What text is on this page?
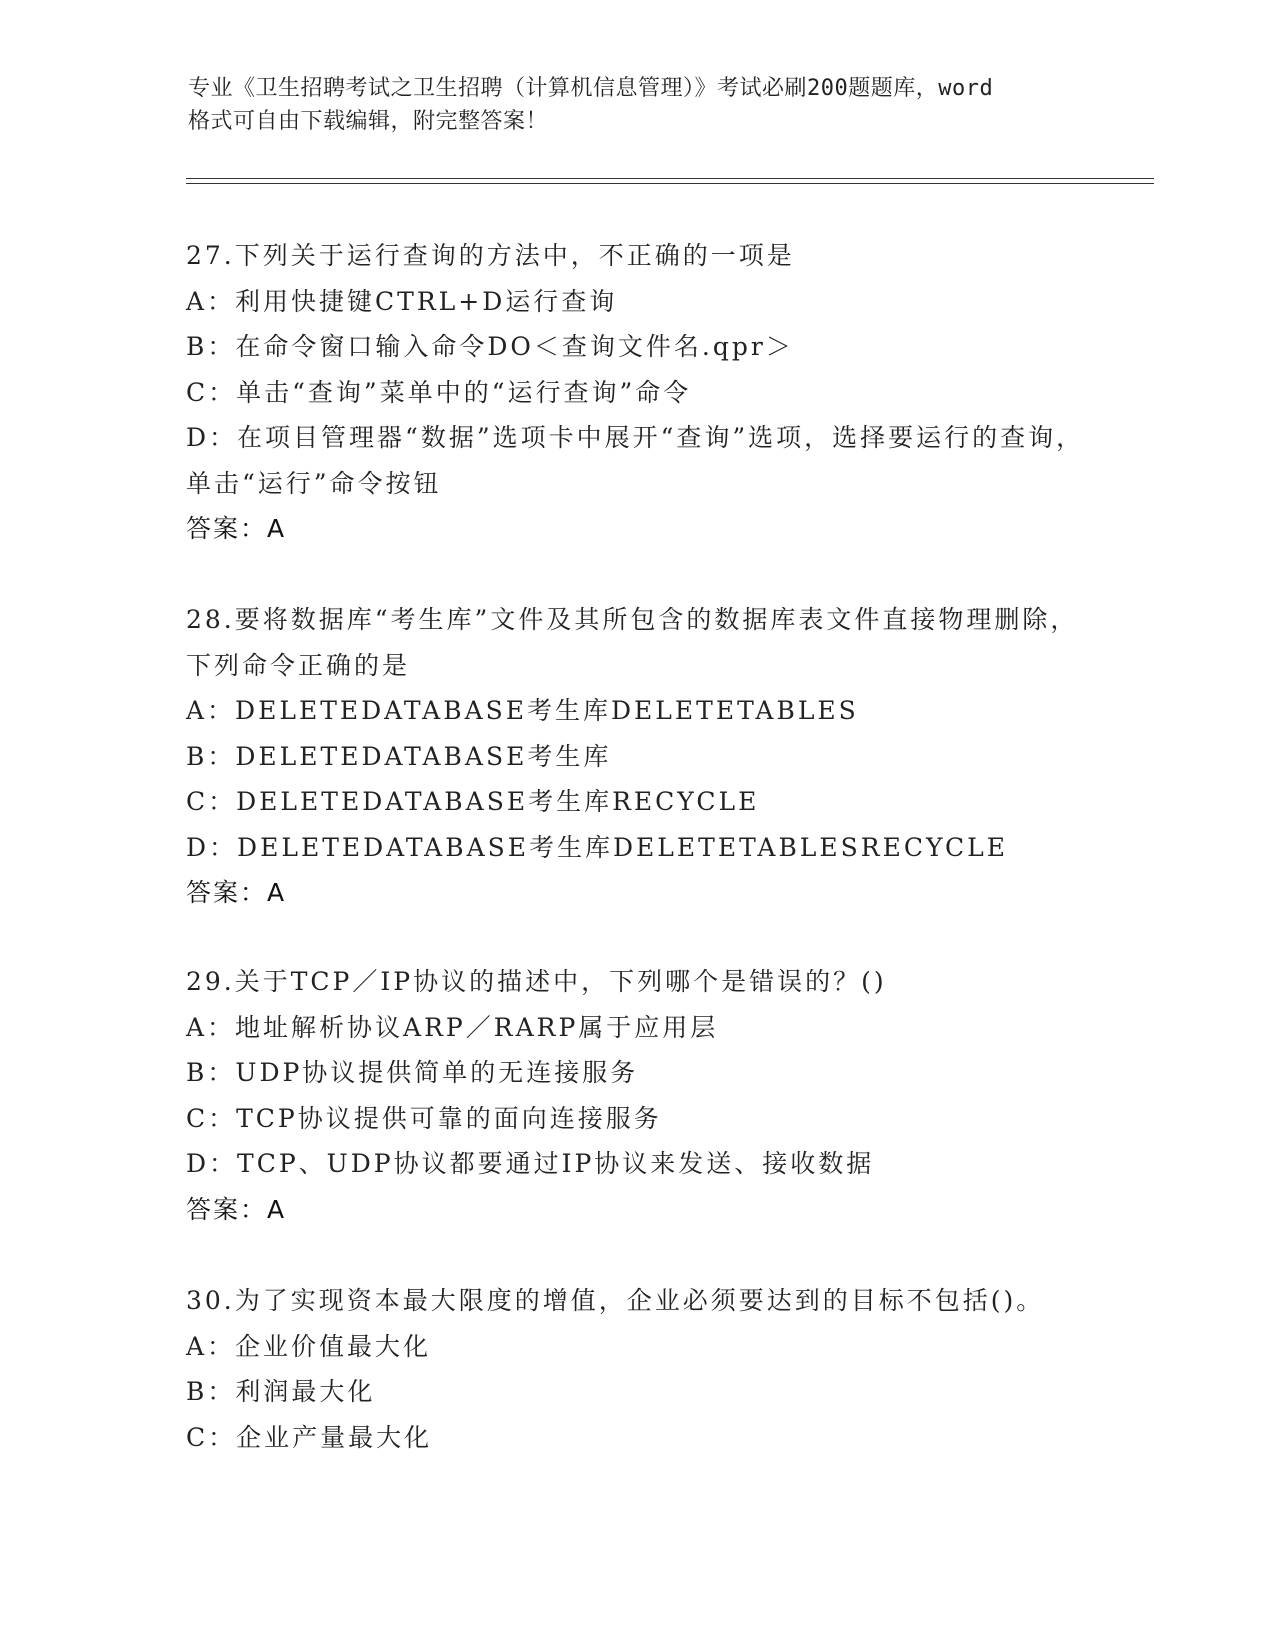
专业《卫生招聘考试之卫生招聘（计算机信息管理）》考试必刷200题题库，word
格式可自由下载编辑，附完整答案！
27.下列关于运行查询的方法中，不正确的一项是
A：利用快捷键CTRL+D运行查询
B：在命令窗口输入命令DO＜查询文件名.qpr＞
C：单击“查询”菜单中的“运行查询”命令
D：在项目管理器“数据”选项卡中展开“查询”选项，选择要运行的查询，单击“运行”命令按钮
答案：A
28.要将数据库“考生库”文件及其所包含的数据库表文件直接物理删除，下列命令正确的是
A：DELETEDATABASE考生库DELETETABLES
B：DELETEDATABASE考生库
C：DELETEDATABASE考生库RECYCLE
D：DELETEDATABASE考生库DELETETABLESRECYCLE
答案：A
29.关于TCP／IP协议的描述中，下列哪个是错误的？()
A：地址解析协议ARP／RARP属于应用层
B：UDP协议提供简单的无连接服务
C：TCP协议提供可靠的面向连接服务
D：TCP、UDP协议都要通过IP协议来发送、接收数据
答案：A
30.为了实现资本最大限度的增值，企业必须要达到的目标不包括()。
A：企业价值最大化
B：利润最大化
C：企业产量最大化
